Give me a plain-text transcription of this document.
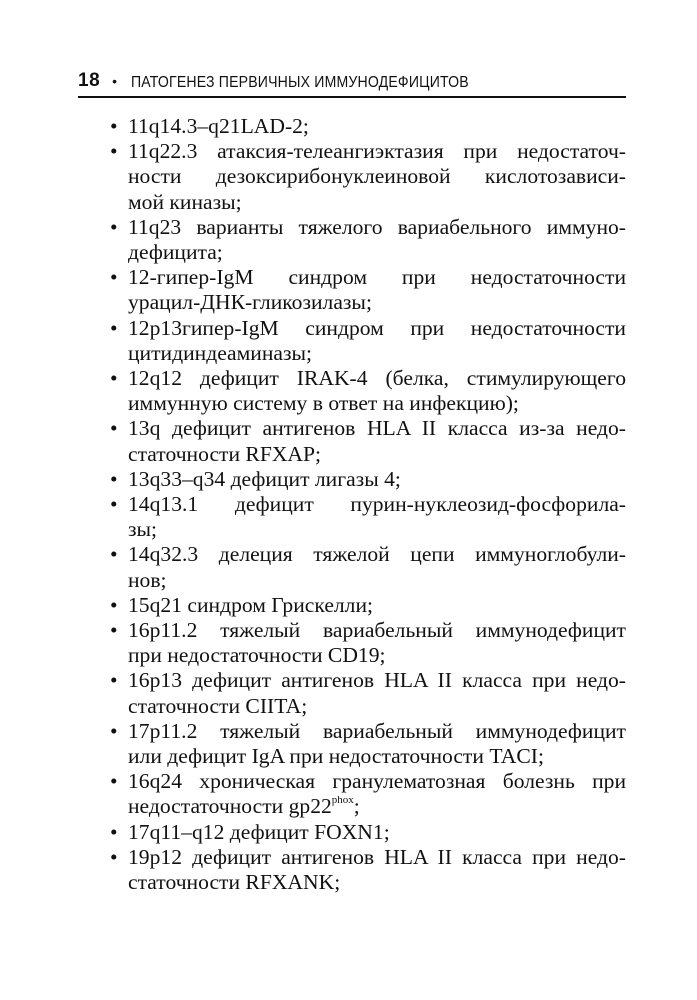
18 • ПАТОГЕНЕЗ ПЕРВИЧНЫХ ИММУНОДЕФИЦИТОВ
• 11q14.3–q21LAD-2;
• 11q22.3 атаксия-телеангиэктазия при недостаточ-
ности дезоксирибонуклеиновой кислотозависи-
мой киназы;
• 11q23 варианты тяжелого вариабельного иммуно-
дефицита;
• 12-гипер-IgM синдром при недостаточности
урацил-ДНК-гликозилазы;
• 12p13гипер-IgM синдром при недостаточности
цитидиндеаминазы;
• 12q12 дефицит IRAK-4 (белка, стимулирующего
иммунную систему в ответ на инфекцию);
• 13q дефицит антигенов HLA II класса из-за недо-
статочности RFXAP;
• 13q33–q34 дефицит лигазы 4;
• 14q13.1 дефицит пурин-нуклеозид-фосфорила-
зы;
• 14q32.3 делеция тяжелой цепи иммуноглобули-
нов;
• 15q21 синдром Грискелли;
• 16p11.2 тяжелый вариабельный иммунодефицит
при недостаточности CD19;
• 16p13 дефицит антигенов HLA II класса при недо-
статочности CIITA;
• 17p11.2 тяжелый вариабельный иммунодефицит
или дефицит IgA при недостаточности TACI;
• 16q24 хроническая гранулематозная болезнь при
недостаточности $gp22^{phox}$;
• 17q11–q12 дефицит FOXN1;
• 19p12 дефицит антигенов HLA II класса при недо-
статочности RFXANK;
